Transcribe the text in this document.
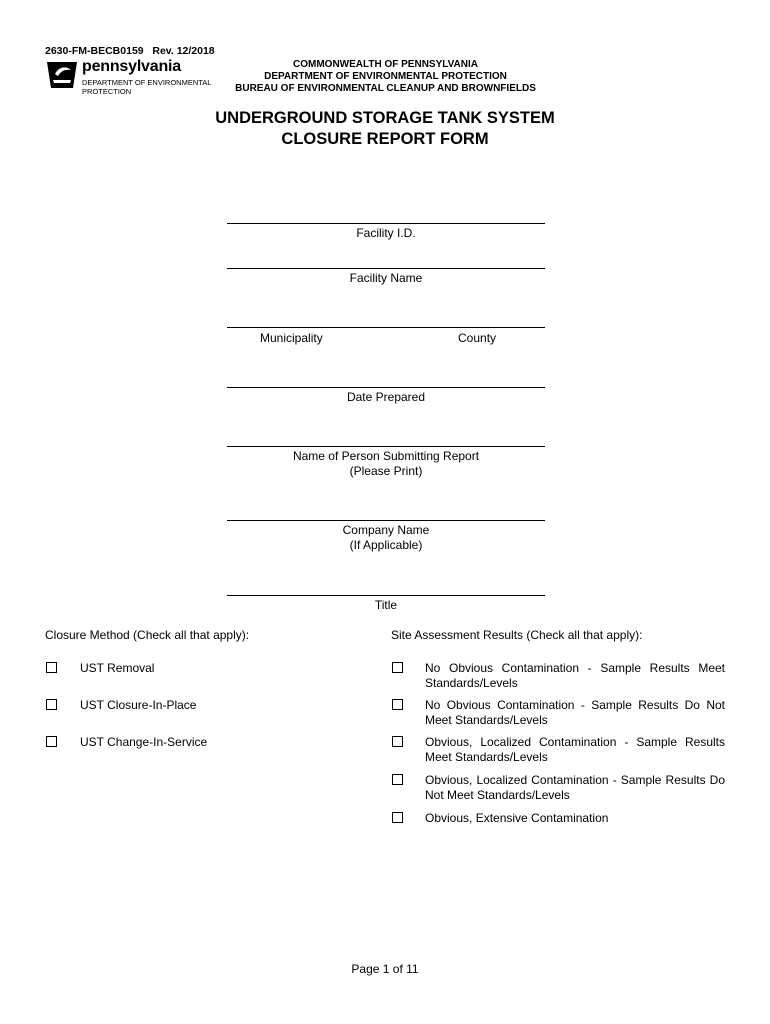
2630-FM-BECB0159   Rev. 12/2018
pennsylvania
DEPARTMENT OF ENVIRONMENTAL
PROTECTION
COMMONWEALTH OF PENNSYLVANIA
DEPARTMENT OF ENVIRONMENTAL PROTECTION
BUREAU OF ENVIRONMENTAL CLEANUP AND BROWNFIELDS
UNDERGROUND STORAGE TANK SYSTEM
CLOSURE REPORT FORM
Facility I.D.
Facility Name
Municipality	County
Date Prepared
Name of Person Submitting Report
(Please Print)
Company Name
(If Applicable)
Title
Closure Method (Check all that apply):	Site Assessment Results (Check all that apply):
UST Removal
UST Closure-In-Place
UST Change-In-Service
No Obvious Contamination - Sample Results Meet Standards/Levels
No Obvious Contamination - Sample Results Do Not Meet Standards/Levels
Obvious, Localized Contamination - Sample Results Meet Standards/Levels
Obvious, Localized Contamination - Sample Results Do Not Meet Standards/Levels
Obvious, Extensive Contamination
Page 1 of 11
